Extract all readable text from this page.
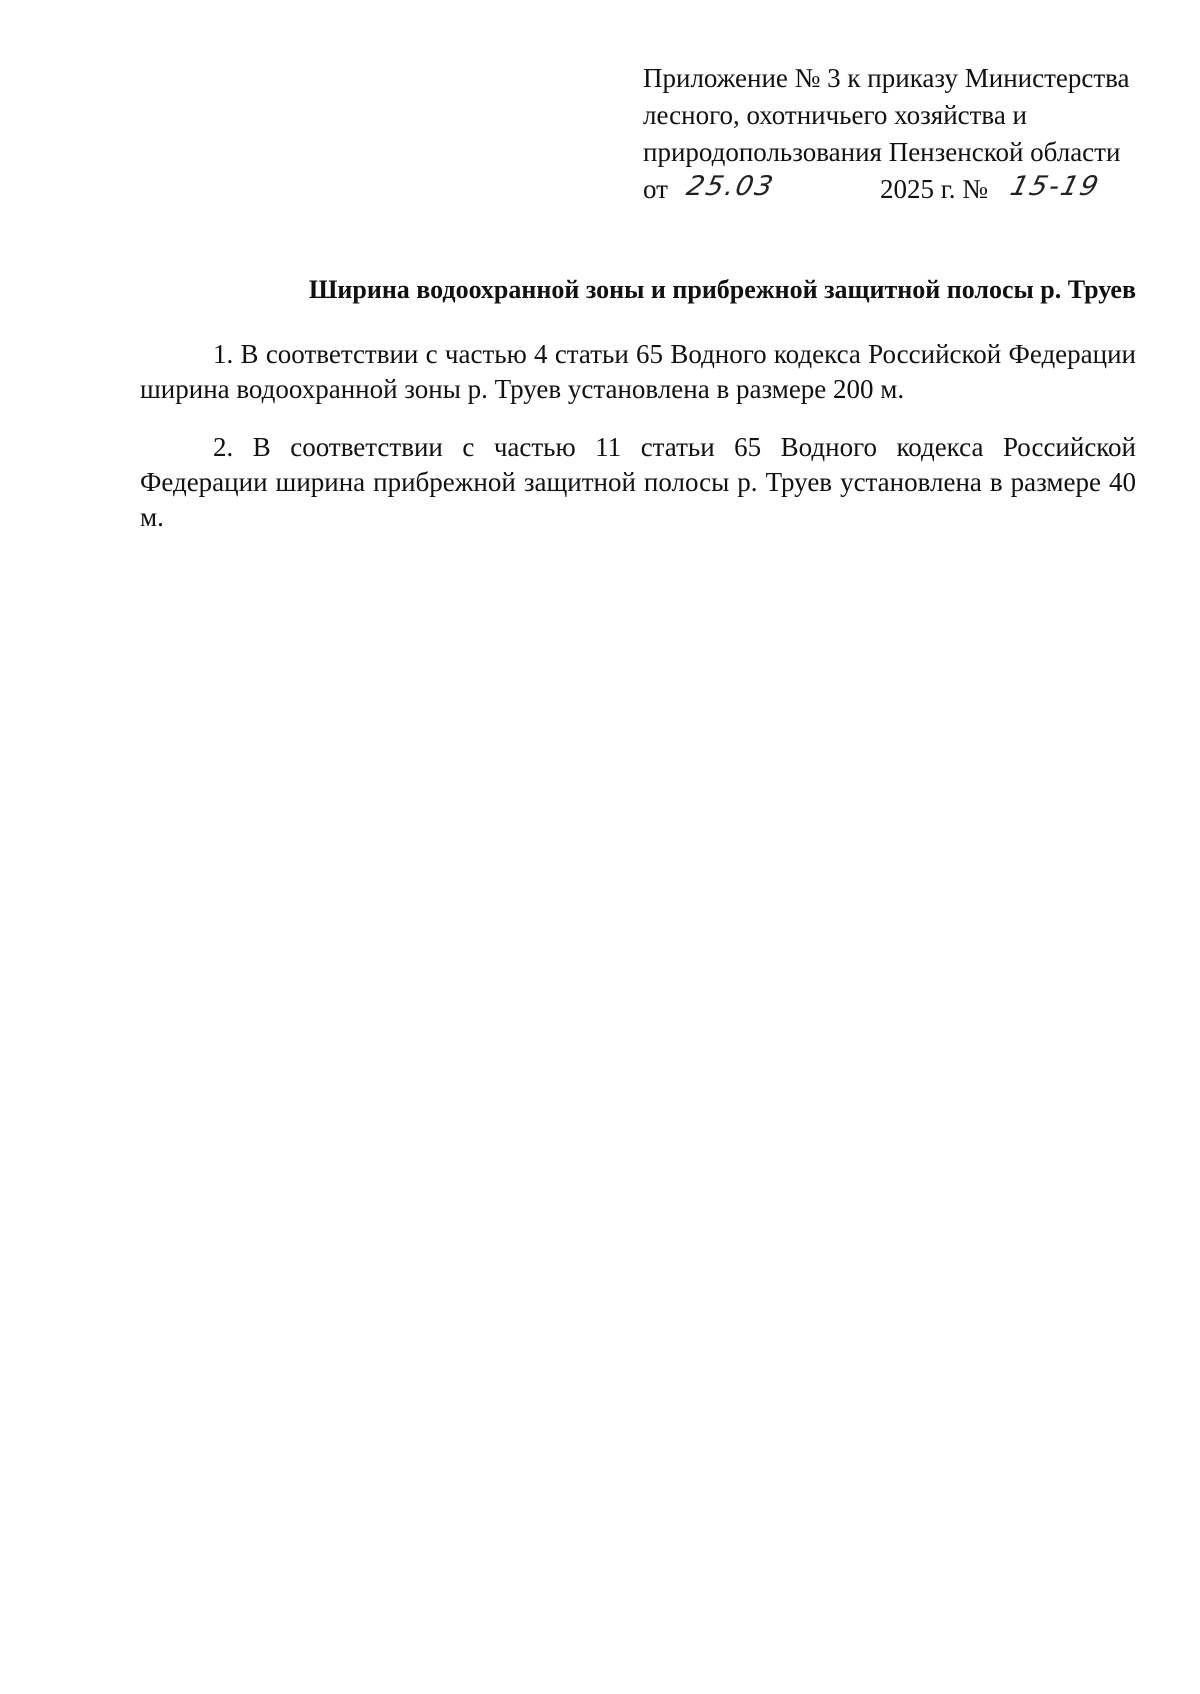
Приложение № 3 к приказу Министерства
лесного, охотничьего хозяйства и
природопользования Пензенской области
от 25.03	2025 г. № 15-19
Ширина водоохранной зоны и прибрежной защитной полосы р. Труев

1. В соответствии с частью 4 статьи 65 Водного кодекса Российской Федерации ширина водоохранной зоны р. Труев установлена в размере 200 м.

2. В соответствии с частью 11 статьи 65 Водного кодекса Российской Федерации ширина прибрежной защитной полосы р. Труев установлена в размере 40 м.
